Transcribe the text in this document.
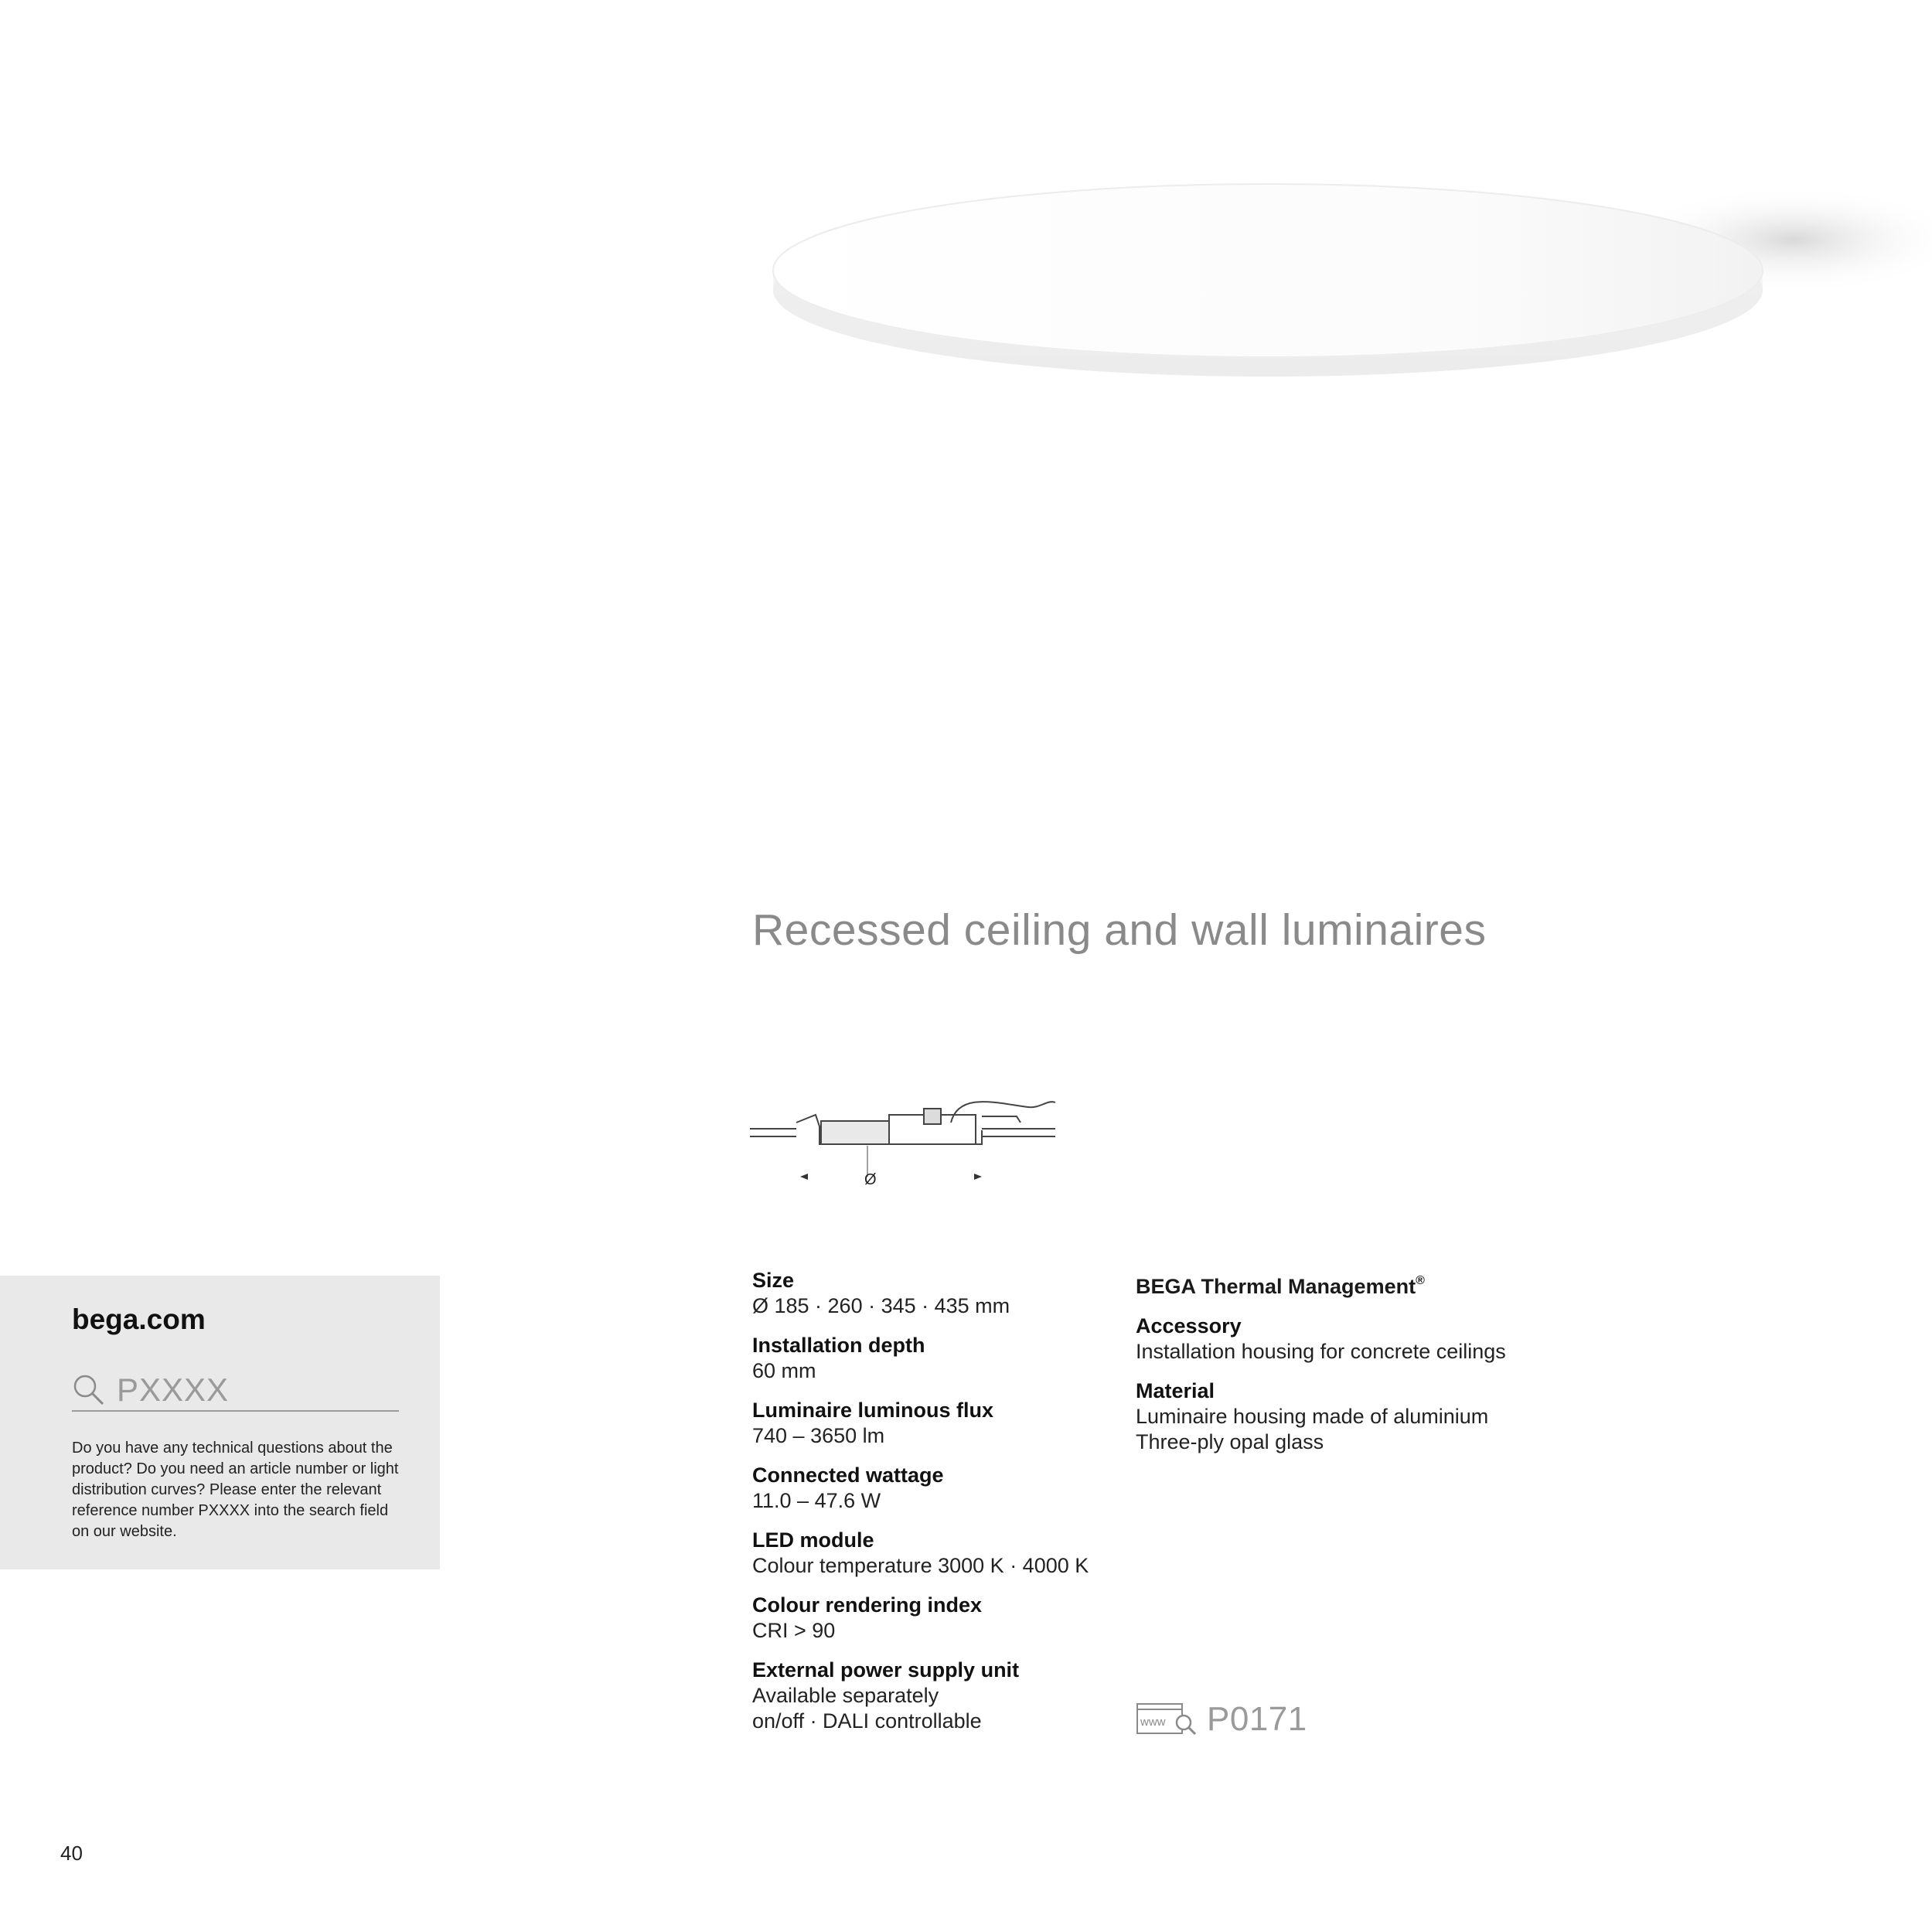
Recessed ceiling and wall luminaires
Ø
Size
Ø 185 · 260 · 345 · 435 mm
Installation depth
60 mm
Luminaire luminous flux
740 – 3650 lm
Connected wattage
11.0 – 47.6 W
LED module
Colour temperature 3000 K · 4000 K
Colour rendering index
CRI > 90
External power supply unit
Available separately
on/off · DALI controllable
BEGA Thermal Management®
Accessory
Installation housing for concrete ceilings
Material
Luminaire housing made of aluminium
Three-ply opal glass
www P0171
bega.com
PXXXX
Do you have any technical questions about the product? Do you need an article number or light distribution curves? Please enter the relevant reference number PXXXX into the search field on our website.
40
